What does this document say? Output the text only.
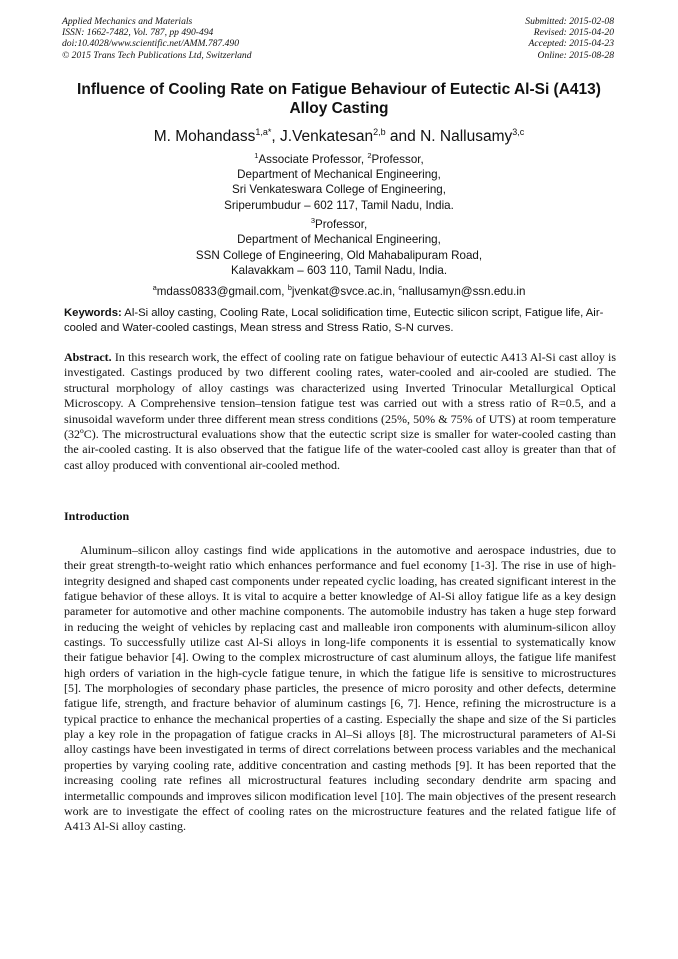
Applied Mechanics and Materials
ISSN: 1662-7482, Vol. 787, pp 490-494
doi:10.4028/www.scientific.net/AMM.787.490
© 2015 Trans Tech Publications Ltd, Switzerland
Submitted: 2015-02-08
Revised: 2015-04-20
Accepted: 2015-04-23
Online: 2015-08-28
Influence of Cooling Rate on Fatigue Behaviour of Eutectic Al-Si (A413)
Alloy Casting
M. Mohandass$^{1,a*}$, J.Venkatesan$^{2,b}$ and N. Nallusamy$^{3,c}$
$^1$Associate Professor, $^2$Professor,
Department of Mechanical Engineering,
Sri Venkateswara College of Engineering,
Sriperumbudur – 602 117, Tamil Nadu, India.
$^3$Professor,
Department of Mechanical Engineering,
SSN College of Engineering, Old Mahabalipuram Road,
Kalavakkam – 603 110, Tamil Nadu, India.
$^a$mdass0833@gmail.com, $^b$jvenkat@svce.ac.in, $^c$nallusamyn@ssn.edu.in
Keywords: Al-Si alloy casting, Cooling Rate, Local solidification time, Eutectic silicon script, Fatigue life, Air-cooled and Water-cooled castings, Mean stress and Stress Ratio, S-N curves.
Abstract. In this research work, the effect of cooling rate on fatigue behaviour of eutectic A413 Al-Si cast alloy is investigated. Castings produced by two different cooling rates, water-cooled and air-cooled are studied. The structural morphology of alloy castings was characterized using Inverted Trinocular Metallurgical Optical Microscopy. A Comprehensive tension–tension fatigue test was carried out with a stress ratio of R=0.5, and a sinusoidal waveform under three different mean stress conditions (25%, 50% & 75% of UTS) at room temperature (32ºC). The microstructural evaluations show that the eutectic script size is smaller for water-cooled casting than the air-cooled casting. It is also observed that the fatigue life of the water-cooled cast alloy is greater than that of cast alloy produced with conventional air-cooled method.
Introduction
Aluminum–silicon alloy castings find wide applications in the automotive and aerospace industries, due to their great strength-to-weight ratio which enhances performance and fuel economy [1-3]. The rise in use of high-integrity designed and shaped cast components under repeated cyclic loading, has created significant interest in the fatigue behavior of these alloys. It is vital to acquire a better knowledge of Al-Si alloy fatigue life as a key design parameter for automotive and other machine components. The automobile industry has taken a huge step forward in reducing the weight of vehicles by replacing cast and malleable iron components with aluminum-silicon alloy castings. To successfully utilize cast Al-Si alloys in long-life components it is essential to systematically know their fatigue behavior [4]. Owing to the complex microstructure of cast aluminum alloys, the fatigue life manifest high orders of variation in the high-cycle fatigue tenure, in which the fatigue life is sensitive to microstructures [5]. The morphologies of secondary phase particles, the presence of micro porosity and other defects, determine fatigue life, strength, and fracture behavior of aluminum castings [6, 7]. Hence, refining the microstructure is a typical practice to enhance the mechanical properties of a casting. Especially the shape and size of the Si particles play a key role in the propagation of fatigue cracks in Al–Si alloys [8]. The microstructural parameters of Al-Si alloy castings have been investigated in terms of direct correlations between process variables and the mechanical properties by varying cooling rate, additive concentration and casting methods [9]. It has been reported that the increasing cooling rate refines all microstructural features including secondary dendrite arm spacing and intermetallic compounds and improves silicon modification level [10]. The main objectives of the present research work are to investigate the effect of cooling rates on the microstructure features and the related fatigue life of A413 Al-Si alloy casting.
